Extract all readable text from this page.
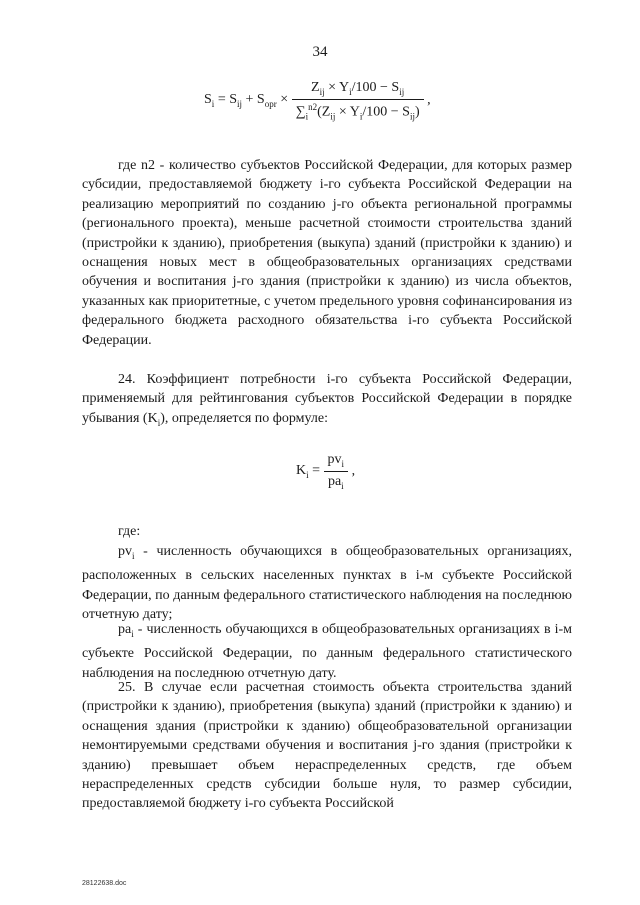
34
$S_i = S_{ij} + S_{opr} \times \frac{Z_{ij} \times Y_i/100 - S_{ij}}{\sum_i^{n2}(Z_{ij} \times Y_i/100 - S_{ij})}$ ,

где n2 - количество субъектов Российской Федерации, для которых размер субсидии, предоставляемой бюджету i-го субъекта Российской Федерации на реализацию мероприятий по созданию j-го объекта региональной программы (регионального проекта), меньше расчетной стоимости строительства зданий (пристройки к зданию), приобретения (выкупа) зданий (пристройки к зданию) и оснащения новых мест в общеобразовательных организациях средствами обучения и воспитания j-го здания (пристройки к зданию) из числа объектов, указанных как приоритетные, с учетом предельного уровня софинансирования из федерального бюджета расходного обязательства i-го субъекта Российской Федерации.

24. Коэффициент потребности i-го субъекта Российской Федерации, применяемый для рейтингования субъектов Российской Федерации в порядке убывания $(K_i)$, определяется по формуле:

$K_i = \frac{pv_i}{pa_i}$ ,

где:

$pv_i$ - численность обучающихся в общеобразовательных организациях, расположенных в сельских населенных пунктах в i-м субъекте Российской Федерации, по данным федерального статистического наблюдения на последнюю отчетную дату;

$pa_i$ - численность обучающихся в общеобразовательных организациях в i-м субъекте Российской Федерации, по данным федерального статистического наблюдения на последнюю отчетную дату.

25. В случае если расчетная стоимость объекта строительства зданий (пристройки к зданию), приобретения (выкупа) зданий (пристройки к зданию) и оснащения здания (пристройки к зданию) общеобразовательной организации немонтируемыми средствами обучения и воспитания j-го здания (пристройки к зданию) превышает объем нераспределенных средств, где объем нераспределенных средств субсидии больше нуля, то размер субсидии, предоставляемой бюджету i-го субъекта Российской

28122638.doc
